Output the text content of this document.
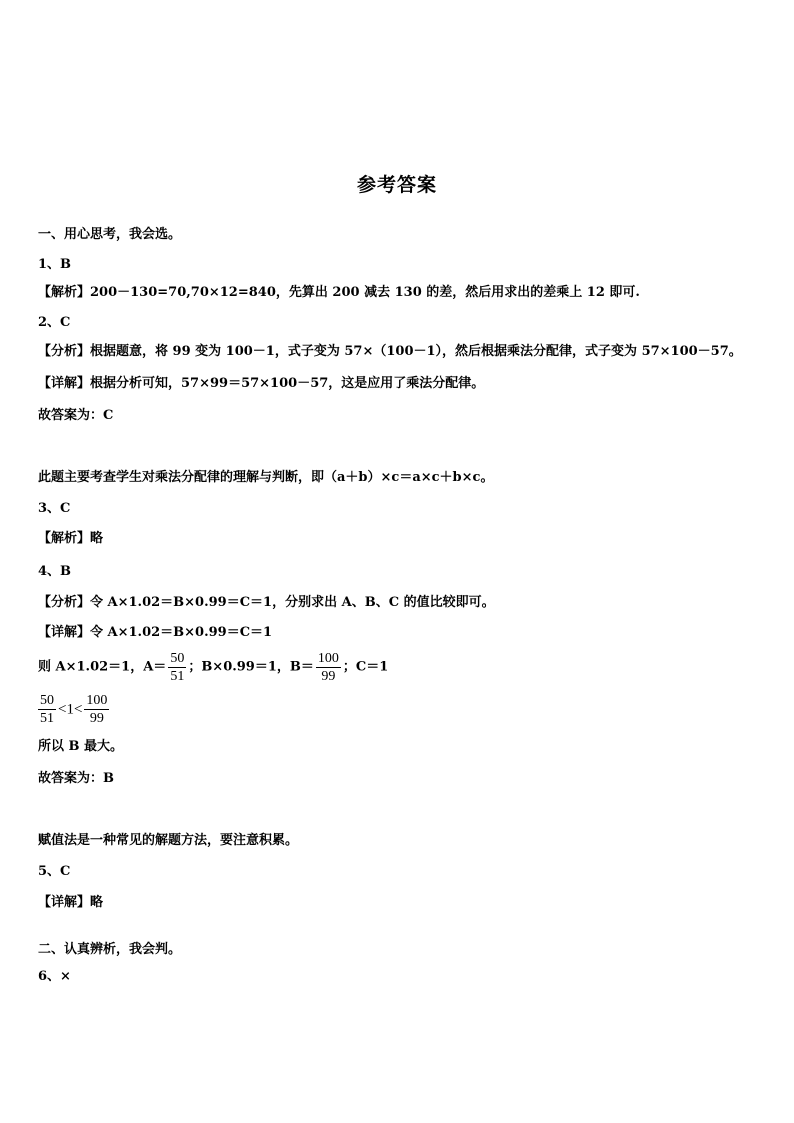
参考答案
一、用心思考，我会选。
1、B
【解析】200－130=70,70×12=840，先算出 200 减去 130 的差，然后用求出的差乘上 12 即可.
2、C
【分析】根据题意，将 99 变为 100－1，式子变为 57×（100－1），然后根据乘法分配律，式子变为 57×100－57。
【详解】根据分析可知，57×99＝57×100－57，这是应用了乘法分配律。
故答案为：C
此题主要考查学生对乘法分配律的理解与判断，即（a＋b）×c＝a×c＋b×c。
3、C
【解析】略
4、B
【分析】令 A×1.02＝B×0.99＝C＝1，分别求出 A、B、C 的值比较即可。
【详解】令 A×1.02＝B×0.99＝C＝1
则 A×1.02＝1，$A= \frac{50}{51}$ ；B×0.99＝1，$B= \frac{100}{99}$ ；C＝1
$\frac{50}{51} <1< \frac{100}{99}$
所以 B 最大。
故答案为：B
赋值法是一种常见的解题方法，要注意积累。
5、C
【详解】略
二、认真辨析，我会判。
6、×
